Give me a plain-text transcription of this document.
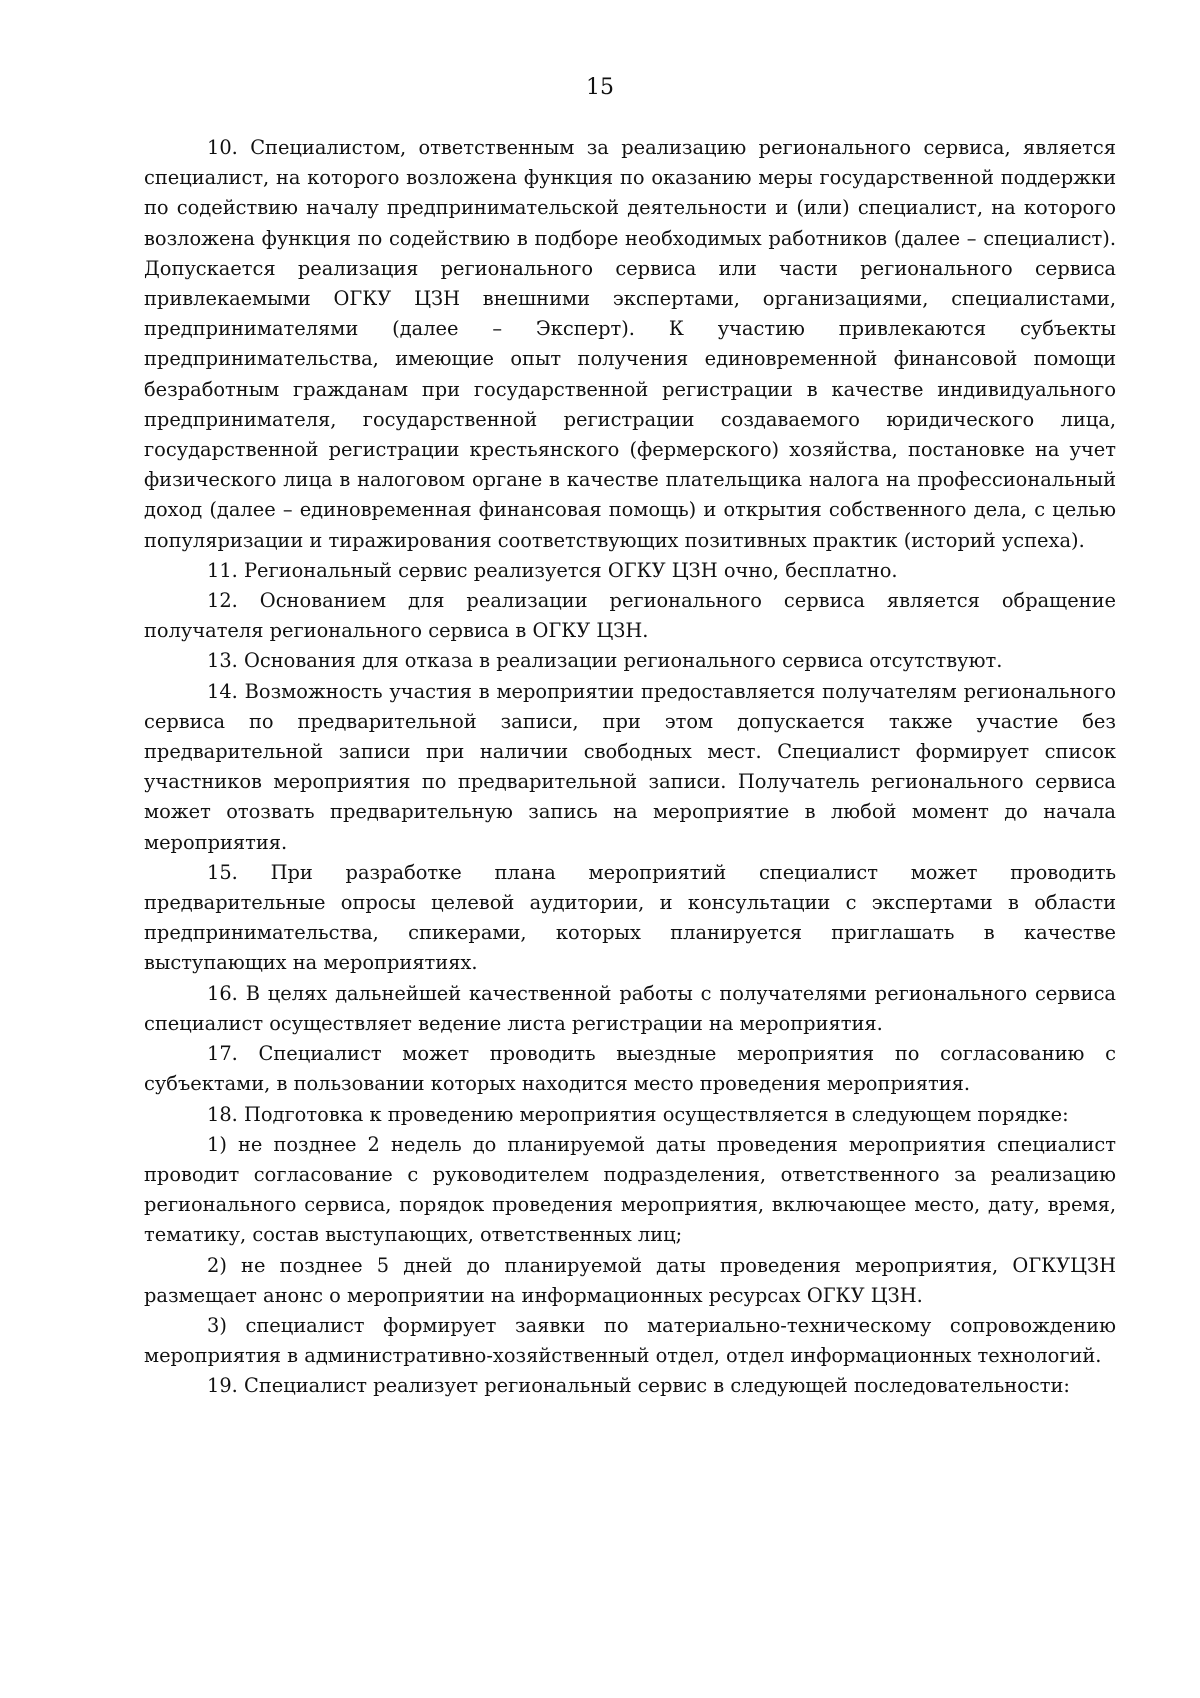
15

10. Специалистом, ответственным за реализацию регионального сервиса, является специалист, на которого возложена функция по оказанию меры государственной поддержки по содействию началу предпринимательской деятельности и (или) специалист, на которого возложена функция по содействию в подборе необходимых работников (далее – специалист). Допускается реализация регионального сервиса или части регионального сервиса привлекаемыми ОГКУ ЦЗН внешними экспертами, организациями, специалистами, предпринимателями (далее – Эксперт). К участию привлекаются субъекты предпринимательства, имеющие опыт получения единовременной финансовой помощи безработным гражданам при государственной регистрации в качестве индивидуального предпринимателя, государственной регистрации создаваемого юридического лица, государственной регистрации крестьянского (фермерского) хозяйства, постановке на учет физического лица в налоговом органе в качестве плательщика налога на профессиональный доход (далее – единовременная финансовая помощь) и открытия собственного дела, с целью популяризации и тиражирования соответствующих позитивных практик (историй успеха).

11. Региональный сервис реализуется ОГКУ ЦЗН очно, бесплатно.

12. Основанием для реализации регионального сервиса является обращение получателя регионального сервиса в ОГКУ ЦЗН.

13. Основания для отказа в реализации регионального сервиса отсутствуют.

14. Возможность участия в мероприятии предоставляется получателям регионального сервиса по предварительной записи, при этом допускается также участие без предварительной записи при наличии свободных мест. Специалист формирует список участников мероприятия по предварительной записи. Получатель регионального сервиса может отозвать предварительную запись на мероприятие в любой момент до начала мероприятия.

15. При разработке плана мероприятий специалист может проводить предварительные опросы целевой аудитории, и консультации с экспертами в области предпринимательства, спикерами, которых планируется приглашать в качестве выступающих на мероприятиях.

16. В целях дальнейшей качественной работы с получателями регионального сервиса специалист осуществляет ведение листа регистрации на мероприятия.

17. Специалист может проводить выездные мероприятия по согласованию с субъектами, в пользовании которых находится место проведения мероприятия.

18. Подготовка к проведению мероприятия осуществляется в следующем порядке:

1) не позднее 2 недель до планируемой даты проведения мероприятия специалист проводит согласование с руководителем подразделения, ответственного за реализацию регионального сервиса, порядок проведения мероприятия, включающее место, дату, время, тематику, состав выступающих, ответственных лиц;

2) не позднее 5 дней до планируемой даты проведения мероприятия, ОГКУЦЗН размещает анонс о мероприятии на информационных ресурсах ОГКУ ЦЗН.

3) специалист формирует заявки по материально-техническому сопровождению мероприятия в административно-хозяйственный отдел, отдел информационных технологий.

19. Специалист реализует региональный сервис в следующей последовательности:
